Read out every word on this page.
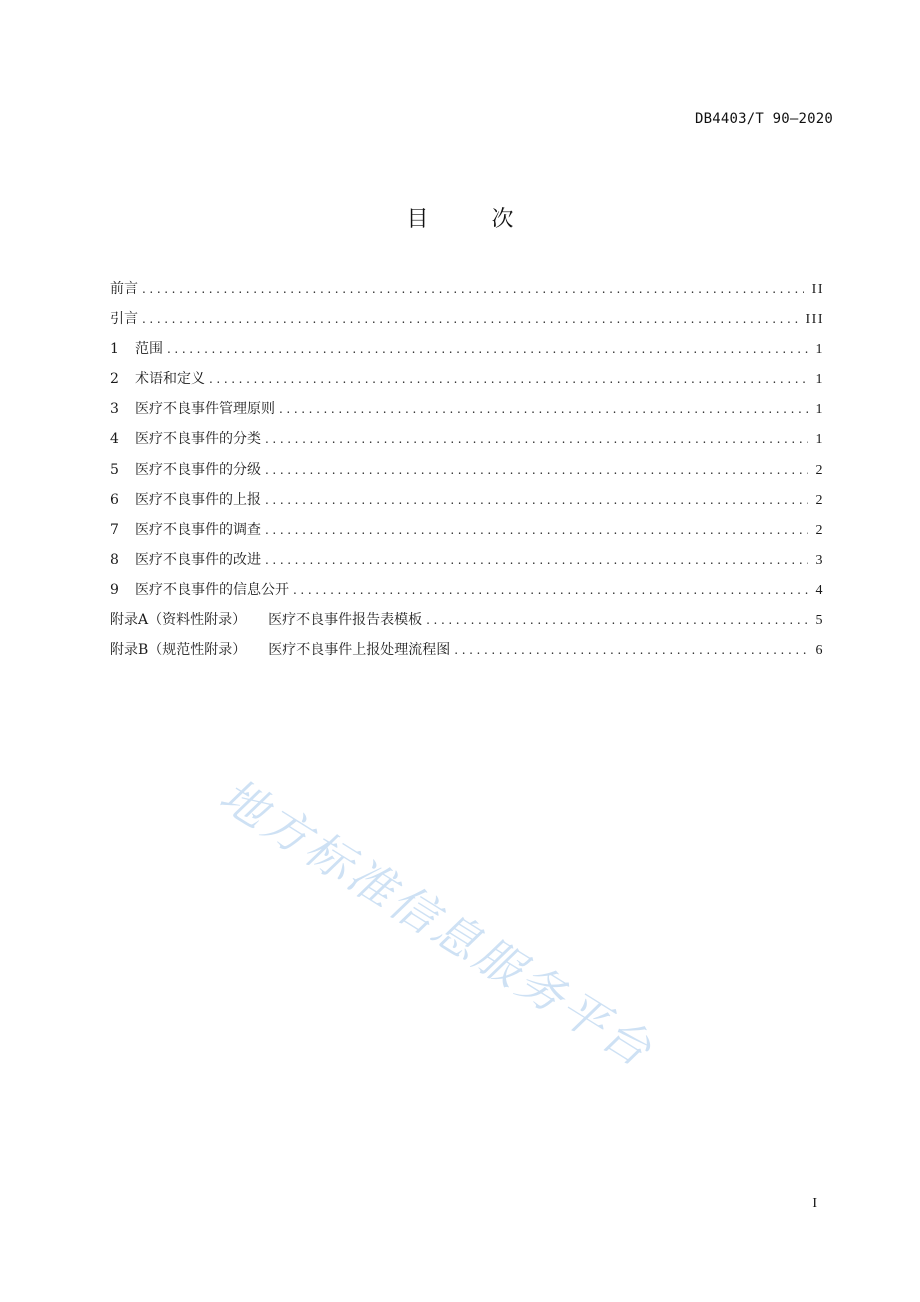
DB4403/T 90—2020
目 次
前言 .....	II
引言 .....	III
1	范围 .....	1
2	术语和定义 .....	1
3	医疗不良事件管理原则 .....	1
4	医疗不良事件的分类 .....	1
5	医疗不良事件的分级 .....	2
6	医疗不良事件的上报 .....	2
7	医疗不良事件的调查 .....	2
8	医疗不良事件的改进 .....	3
9	医疗不良事件的信息公开 .....	4
附录A（资料性附录） 医疗不良事件报告表模板 .....	5
附录B（规范性附录） 医疗不良事件上报处理流程图 .....	6
地方标准信息服务平台
I
